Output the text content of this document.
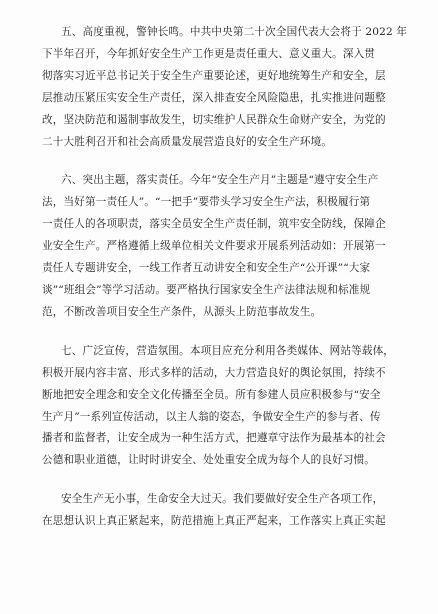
五、高度重视，警钟长鸣。中共中央第二十次全国代表大会将于 2022 年
下半年召开，今年抓好安全生产工作更是责任重大、意义重大。深入贯
彻落实习近平总书记关于安全生产重要论述，更好地统筹生产和安全，层
层推动压紧压实安全生产责任，深入排查安全风险隐患，扎实推进问题整
改，坚决防范和遏制事故发生，切实维护人民群众生命财产安全，为党的
二十大胜利召开和社会高质量发展营造良好的安全生产环境。

六、突出主题，落实责任。今年“安全生产月”主题是“遵守安全生产
法，当好第一责任人”。“一把手”要带头学习安全生产法，积极履行第
一责任人的各项职责，落实全员安全生产责任制，筑牢安全防线，保障企
业安全生产。严格遵循上级单位相关文件要求开展系列活动如：开展第一
责任人专题讲安全，一线工作者互动讲安全和安全生产“公开课”“大家
谈”“班组会”等学习活动。要严格执行国家安全生产法律法规和标准规
范，不断改善项目安全生产条件，从源头上防范事故发生。

七、广泛宣传，营造氛围。本项目应充分利用各类媒体、网站等载体，
积极开展内容丰富、形式多样的活动，大力营造良好的舆论氛围，持续不
断地把安全理念和安全文化传播至全员。所有参建人员应积极参与“安全
生产月”一系列宣传活动，以主人翁的姿态，争做安全生产的参与者、传
播者和监督者，让安全成为一种生活方式，把遵章守法作为最基本的社会
公德和职业道德，让时时讲安全、处处重安全成为每个人的良好习惯。

安全生产无小事，生命安全大过天。我们要做好安全生产各项工作，
在思想认识上真正紧起来，防范措施上真正严起来，工作落实上真正实起
